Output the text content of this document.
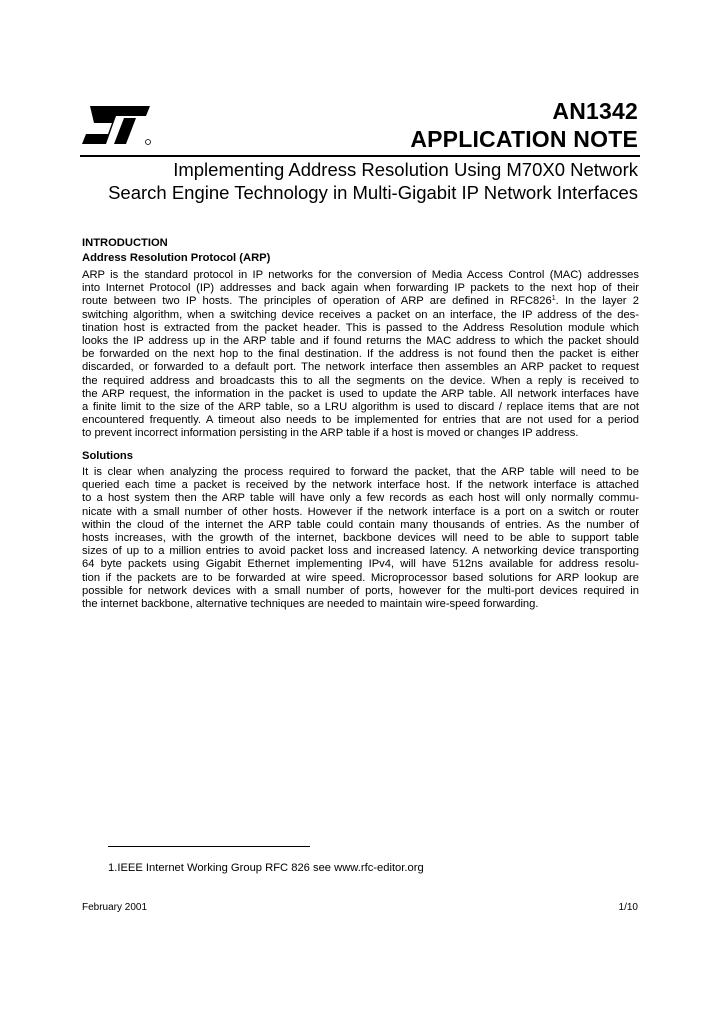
AN1342
APPLICATION NOTE
Implementing Address Resolution Using M70X0 Network
Search Engine Technology in Multi-Gigabit IP Network Interfaces
INTRODUCTION
Address Resolution Protocol (ARP)
ARP is the standard protocol in IP networks for the conversion of Media Access Control (MAC) addresses
into Internet Protocol (IP) addresses and back again when forwarding IP packets to the next hop of their
route between two IP hosts. The principles of operation of ARP are defined in $RFC826^1$. In the layer 2
switching algorithm, when a switching device receives a packet on an interface, the IP address of the des-
tination host is extracted from the packet header. This is passed to the Address Resolution module which
looks the IP address up in the ARP table and if found returns the MAC address to which the packet should
be forwarded on the next hop to the final destination. If the address is not found then the packet is either
discarded, or forwarded to a default port. The network interface then assembles an ARP packet to request
the required address and broadcasts this to all the segments on the device. When a reply is received to
the ARP request, the information in the packet is used to update the ARP table. All network interfaces have
a finite limit to the size of the ARP table, so a LRU algorithm is used to discard / replace items that are not
encountered frequently. A timeout also needs to be implemented for entries that are not used for a period
to prevent incorrect information persisting in the ARP table if a host is moved or changes IP address.
Solutions
It is clear when analyzing the process required to forward the packet, that the ARP table will need to be
queried each time a packet is received by the network interface host. If the network interface is attached
to a host system then the ARP table will have only a few records as each host will only normally commu-
nicate with a small number of other hosts. However if the network interface is a port on a switch or router
within the cloud of the internet the ARP table could contain many thousands of entries. As the number of
hosts increases, with the growth of the internet, backbone devices will need to be able to support table
sizes of up to a million entries to avoid packet loss and increased latency. A networking device transporting
64 byte packets using Gigabit Ethernet implementing IPv4, will have 512ns available for address resolu-
tion if the packets are to be forwarded at wire speed. Microprocessor based solutions for ARP lookup are
possible for network devices with a small number of ports, however for the multi-port devices required in
the internet backbone, alternative techniques are needed to maintain wire-speed forwarding.
1.IEEE Internet Working Group RFC 826 see www.rfc-editor.org
February 2001	1/10
